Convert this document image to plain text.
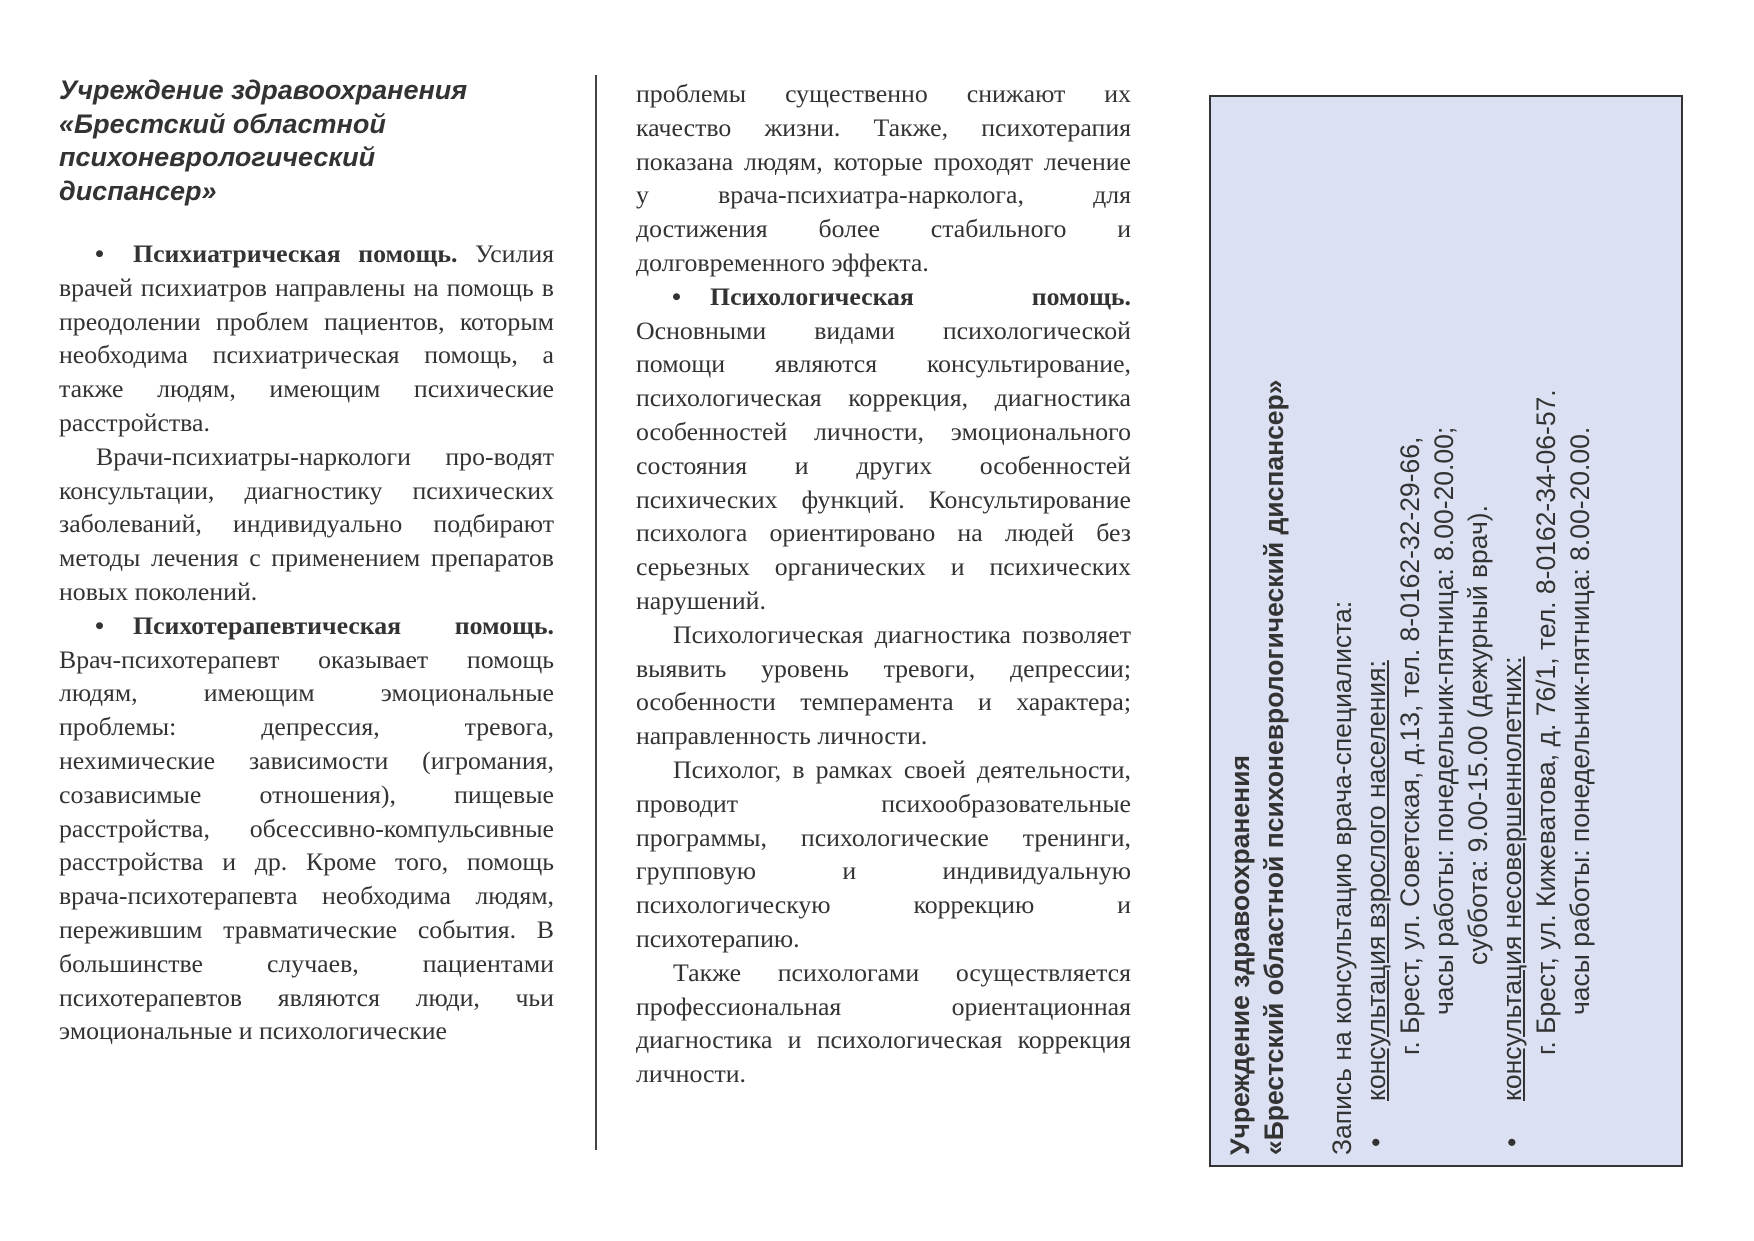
Учреждение здравоохранения
«Брестский областной
психоневрологический
диспансер»

• Психиатрическая помощь. Усилия врачей психиатров направлены на помощь в преодолении проблем пациентов, которым необходима психиатрическая помощь, а также людям, имеющим психические расстройства.

Врачи-психиатры-наркологи про-водят консультации, диагностику психических заболеваний, индивидуально подбирают методы лечения с применением препаратов новых поколений.

• Психотерапевтическая помощь. Врач-психотерапевт оказывает помощь людям, имеющим эмоциональные проблемы: депрессия, тревога, нехимические зависимости (игромания, созависимые отношения), пищевые расстройства, обсессивно-компульсивные расстройства и др. Кроме того, помощь врача-психотерапевта необходима людям, пережившим травматические события. В большинстве случаев, пациентами психотерапевтов являются люди, чьи эмоциональные и психологические

проблемы существенно снижают их качество жизни. Также, психотерапия показана людям, которые проходят лечение у врача-психиатра-нарколога, для достижения более стабильного и долговременного эффекта.

• Психологическая помощь. Основными видами психологической помощи являются консультирование, психологическая коррекция, диагностика особенностей личности, эмоционального состояния и других особенностей психических функций. Консультирование психолога ориентировано на людей без серьезных органических и психических нарушений.

Психологическая диагностика позволяет выявить уровень тревоги, депрессии; особенности темперамента и характера; направленность личности.

Психолог, в рамках своей деятельности, проводит психообразовательные программы, психологические тренинги, групповую и индивидуальную психологическую коррекцию и психотерапию.

Также психологами осуществляется профессиональная ориентационная диагностика и психологическая коррекция личности.	Учреждение здравоохранения «Брестский областной психоневрологический диспансер» Запись на консультацию врача-специалиста: •
консультация взрослого населения: г. Брест, ул. Советская, д.13, тел. 8-0162-32-29-66, часы работы: понедельник-пятница: 8.00-20.00; суббота: 9.00-15.00 (дежурный врач).

•
консультация несовершеннолетних: г. Брест, ул. Кижеватова, д. 76/1, тел. 8-0162-34-06-57. часы работы: понедельник-пятница: 8.00-20.00.
